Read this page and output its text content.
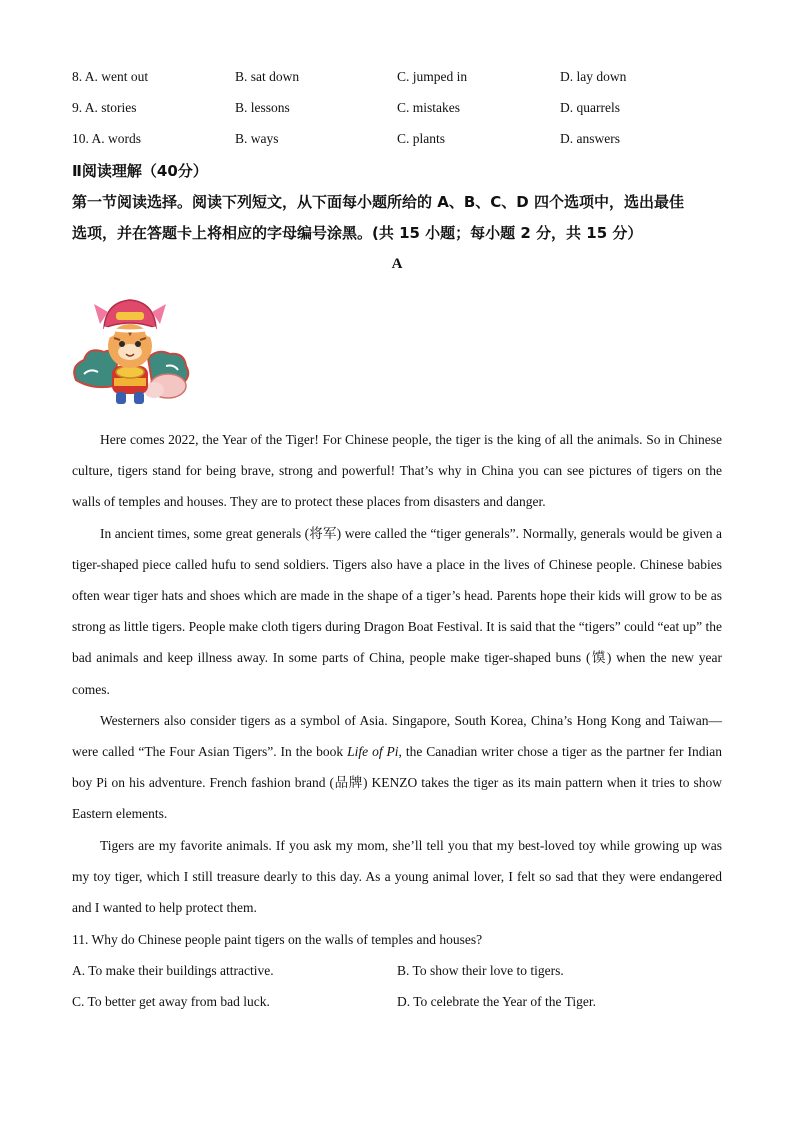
8. A. went out	B. sat down	C. jumped in	D. lay down
9. A. stories	B. lessons	C. mistakes	D. quarrels
10. A. words	B. ways	C. plants	D. answers
Ⅱ阅读理解（40分）
第一节阅读选择。阅读下列短文，从下面每小题所给的 A、B、C、D 四个选项中，选出最佳
选项，并在答题卡上将相应的字母编号涂黑。(共 15 小题；每小题 2 分，共 15 分）
A

Here comes 2022, the Year of the Tiger! For Chinese people, the tiger is the king of all the animals. So in Chinese culture, tigers stand for being brave, strong and powerful! That’s why in China you can see pictures of tigers on the walls of temples and houses. They are to protect these places from disasters and danger.

In ancient times, some great generals (将军) were called the “tiger generals”. Normally, generals would be given a tiger-shaped piece called hufu to send soldiers. Tigers also have a place in the lives of Chinese people. Chinese babies often wear tiger hats and shoes which are made in the shape of a tiger’s head. Parents hope their kids will grow to be as strong as little tigers. People make cloth tigers during Dragon Boat Festival. It is said that the “tigers” could “eat up” the bad animals and keep illness away. In some parts of China, people make tiger-shaped buns (馍) when the new year comes.

Westerners also consider tigers as a symbol of Asia. Singapore, South Korea, China’s Hong Kong and Taiwan—were called “The Four Asian Tigers”. In the book Life of Pi, the Canadian writer chose a tiger as the partner fer Indian boy Pi on his adventure. French fashion brand (品牌) KENZO takes the tiger as its main pattern when it tries to show Eastern elements.

Tigers are my favorite animals. If you ask my mom, she’ll tell you that my best-loved toy while growing up was my toy tiger, which I still treasure dearly to this day. As a young animal lover, I felt so sad that they were endangered and I wanted to help protect them.

11. Why do Chinese people paint tigers on the walls of temples and houses?
A. To make their buildings attractive.	B. To show their love to tigers.
C. To better get away from bad luck.	D. To celebrate the Year of the Tiger.
